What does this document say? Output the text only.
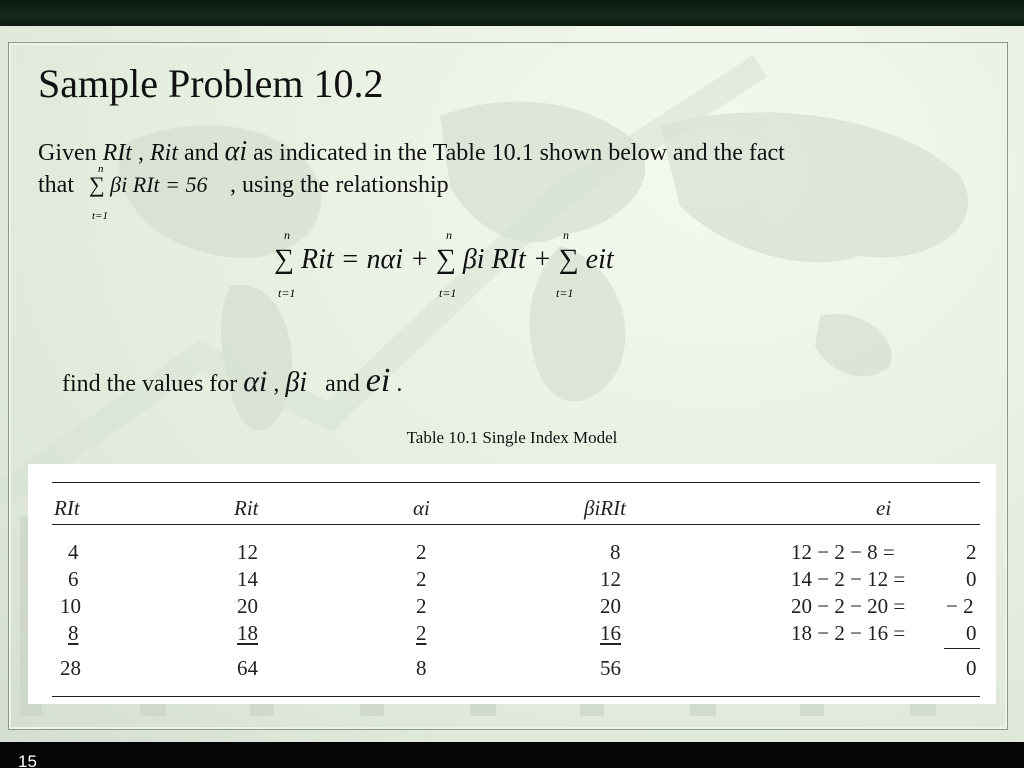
Sample Problem 10.2
Given RIt , Rit and αi as indicated in the Table 10.1 shown below and the fact
that
n
∑ βi RIt = 56
t=1
, using the relationship
n	n	n
∑ Rit = nαi + ∑ βi RIt + ∑ eit
t=1	t=1	t=1
find the values for αi , βi and ei .
Table 10.1 Single Index Model
RIt	Rit	αi	βiRIt	ei
4	12	2	8	12 − 2 − 8 =	2
6	14	2	12	14 − 2 − 12 =	0
10	20	2	20	20 − 2 − 20 = − 2
8	18	2	16	18 − 2 − 16 =	0
28	64	8	56	0
15
